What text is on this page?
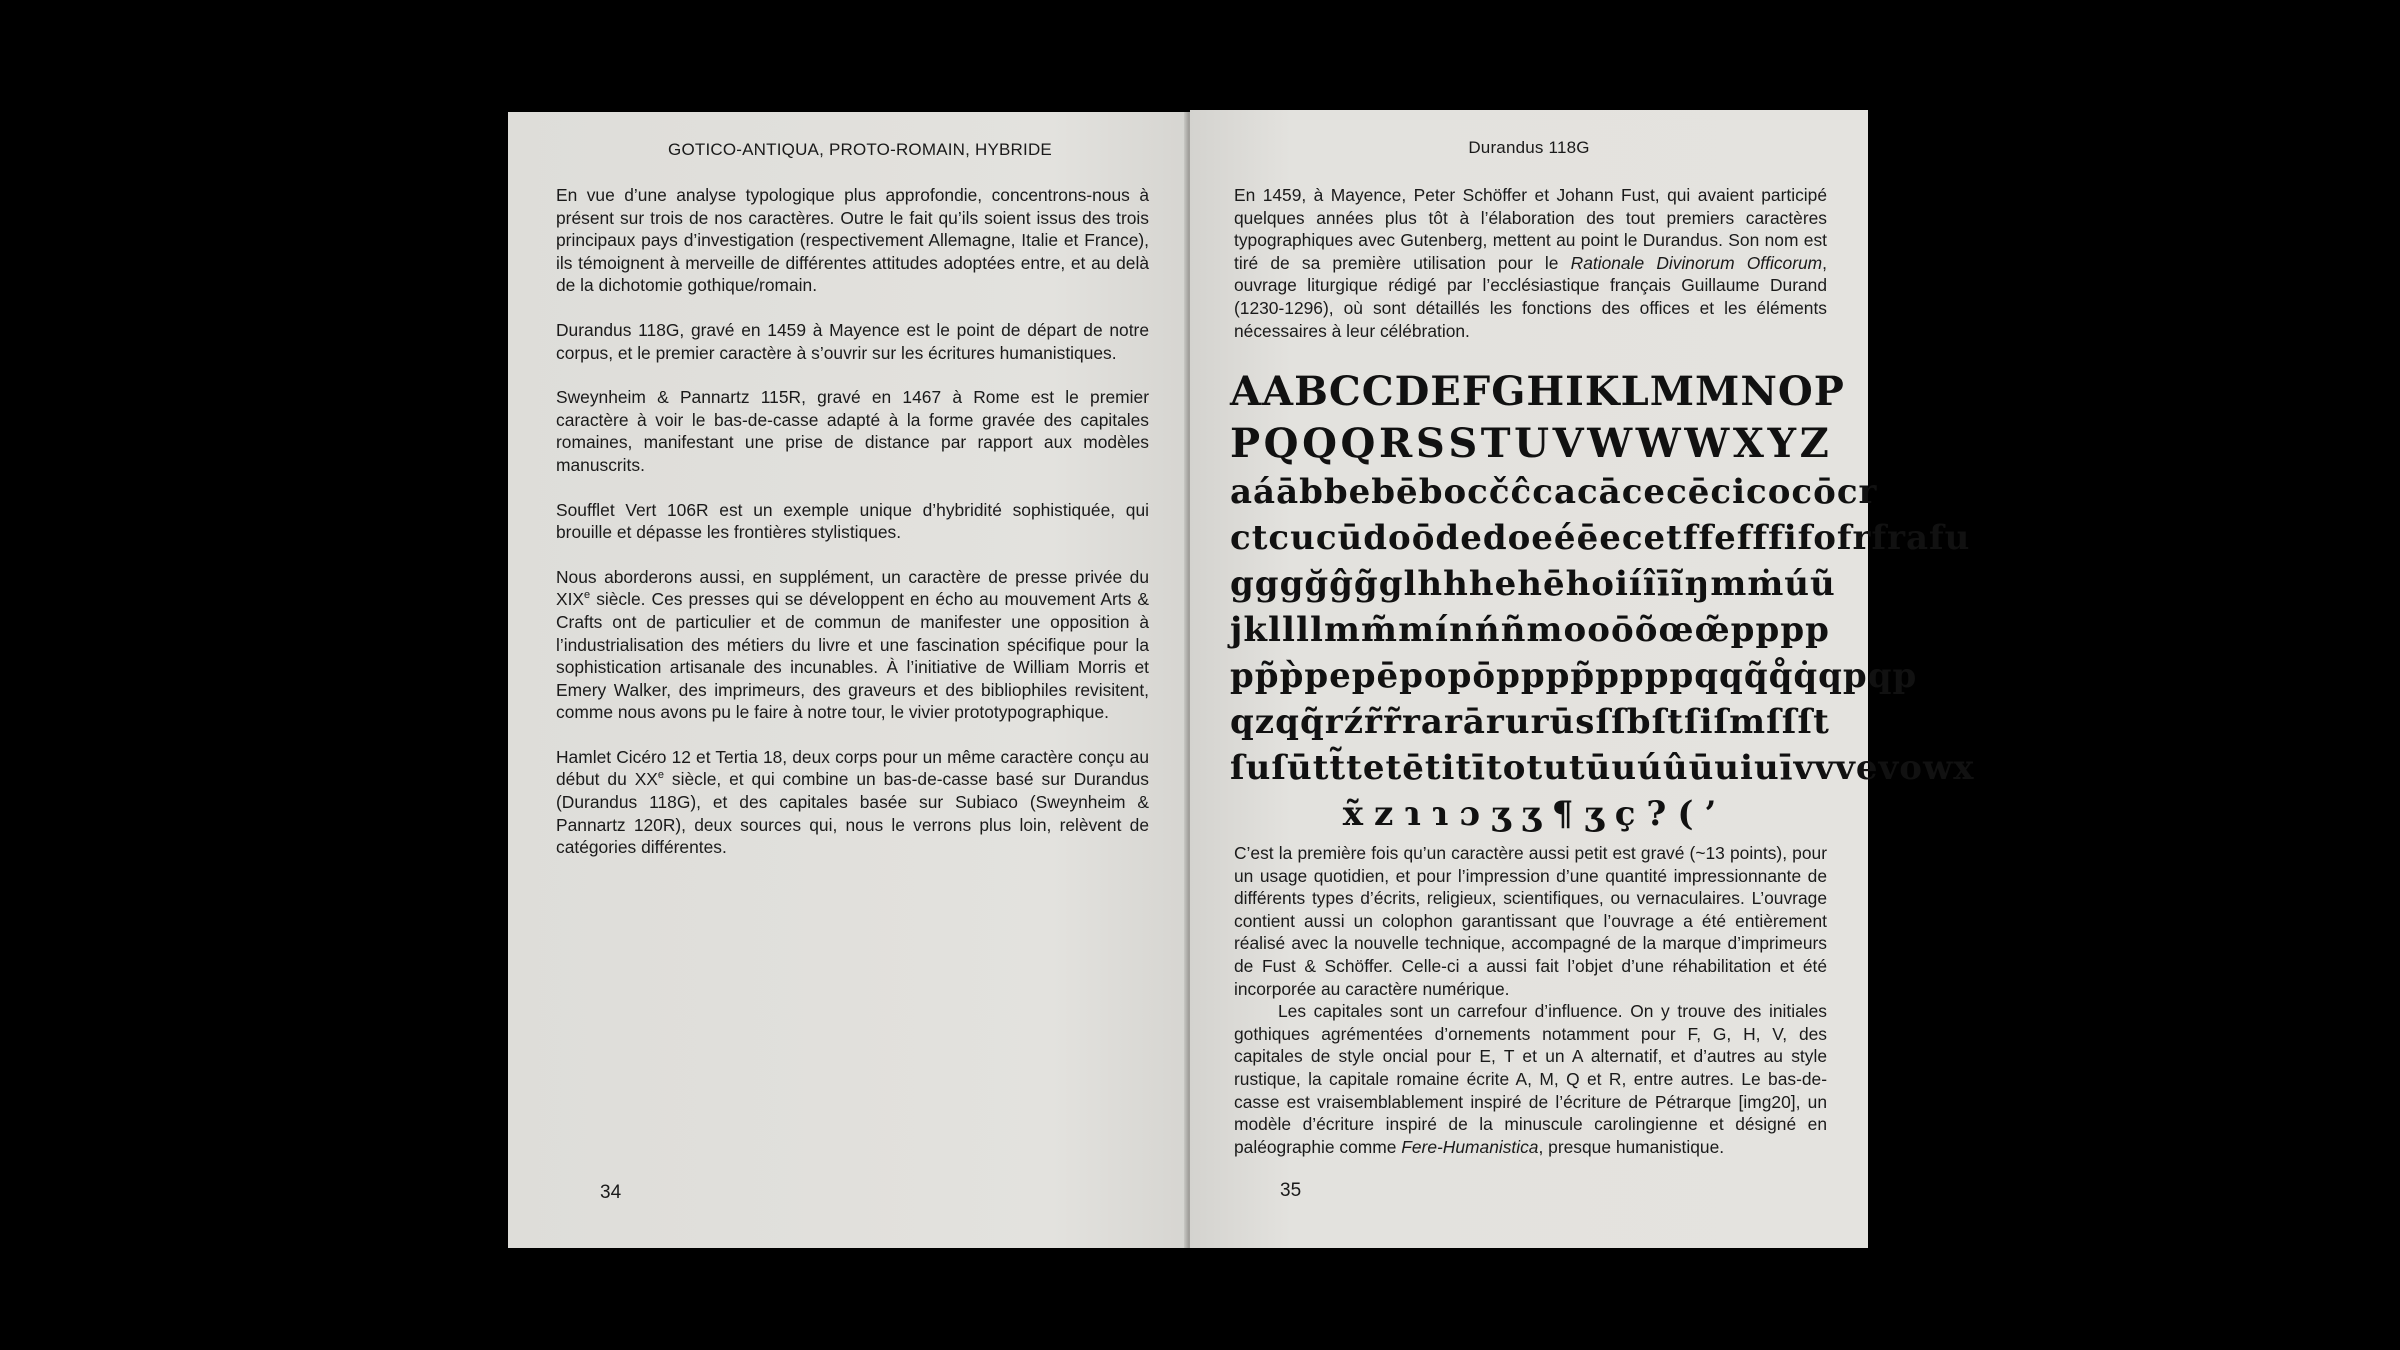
GOTICO-ANTIQUA, PROTO-ROMAIN, HYBRIDE

En vue d’une analyse typologique plus approfondie, concentrons-nous à présent sur trois de nos caractères. Outre le fait qu’ils soient issus des trois principaux pays d’investigation (respectivement Allemagne, Italie et France), ils témoignent à merveille de différentes attitudes adoptées entre, et au delà de la dichotomie gothique/romain.

Durandus 118G, gravé en 1459 à Mayence est le point de départ de notre corpus, et le premier caractère à s’ouvrir sur les écritures humanistiques.

Sweynheim & Pannartz 115R, gravé en 1467 à Rome est le premier caractère à voir le bas-de-casse adapté à la forme gravée des capitales romaines, manifestant une prise de distance par rapport aux modèles manuscrits.

Soufflet Vert 106R est un exemple unique d’hybridité sophistiquée, qui brouille et dépasse les frontières stylistiques.

Nous aborderons aussi, en supplément, un caractère de presse privée du XIXe siècle. Ces presses qui se développent en écho au mouvement Arts & Crafts ont de particulier et de commun de manifester une opposition à l’industrialisation des métiers du livre et une fascination spécifique pour la sophistication artisanale des incunables. À l’initiative de William Morris et Emery Walker, des imprimeurs, des graveurs et des bibliophiles revisitent, comme nous avons pu le faire à notre tour, le vivier prototypographique.

Hamlet Cicéro 12 et Tertia 18, deux corps pour un même caractère conçu au début du XXe siècle, et qui combine un bas-de-casse basé sur Durandus (Durandus 118G), et des capitales basée sur Subiaco (Sweynheim & Pannartz 120R), deux sources qui, nous le verrons plus loin, relèvent de catégories différentes.

34
Durandus 118G

En 1459, à Mayence, Peter Schöffer et Johann Fust, qui avaient participé quelques années plus tôt à l’élaboration des tout premiers caractères typographiques avec Gutenberg, mettent au point le Durandus. Son nom est tiré de sa première utilisation pour le Rationale Divinorum Officorum, ouvrage liturgique rédigé par l’ecclésiastique français Guillaume Durand (1230-1296), où sont détaillés les fonctions des offices et les éléments nécessaires à leur célébration.

A A B C C D E F G H I K L M M N O P
P Q Q Q R S S T U V W W W X Y Z
a á ā b be bē bo c č ĉ ca cā ce cē ci co cō cr
ct cu cū d o ō de do e é ē ec et f fe ff fi fo fr fra fu
g g g ğ ĝ g̃ gl h h he hē ho i í î ī ĩ ŋ m ṁ ú ũ
j k l l ll m m̃ mí n ń ñ mo o ō õ œ œ̃ p p p p
p p̃ p̀ pe pē po pō pp pp̃ pp pp q q q̃ q̊ q̇ qp qp
qz q q̃ r ź r̃ r̃ ra rā ru rū s ſ ſb ſt ſi ſm ſſ ſt
ſu ſū t t̃ te tē ti tī to tu tū u ú û ū ui uī v v ve vo wx
x̃ z ɿ ɿ ɔ ʒ ʒ ¶ ʒ ç ? ( ’

C’est la première fois qu’un caractère aussi petit est gravé (~13 points), pour un usage quotidien, et pour l’impression d’une quantité impressionnante de différents types d’écrits, religieux, scientifiques, ou vernaculaires. L’ouvrage contient aussi un colophon garantissant que l’ouvrage a été entièrement réalisé avec la nouvelle technique, accompagné de la marque d’imprimeurs de Fust & Schöffer. Celle-ci a aussi fait l’objet d’une réhabilitation et été incorporée au caractère numérique.

Les capitales sont un carrefour d’influence. On y trouve des initiales gothiques agrémentées d’ornements notamment pour F, G, H, V, des capitales de style oncial pour E, T et un A alternatif, et d’autres au style rustique, la capitale romaine écrite A, M, Q et R, entre autres. Le bas-de-casse est vraisemblablement inspiré de l’écriture de Pétrarque [img20], un modèle d’écriture inspiré de la minuscule carolingienne et désigné en paléographie comme Fere-Humanistica, presque humanistique.

35
